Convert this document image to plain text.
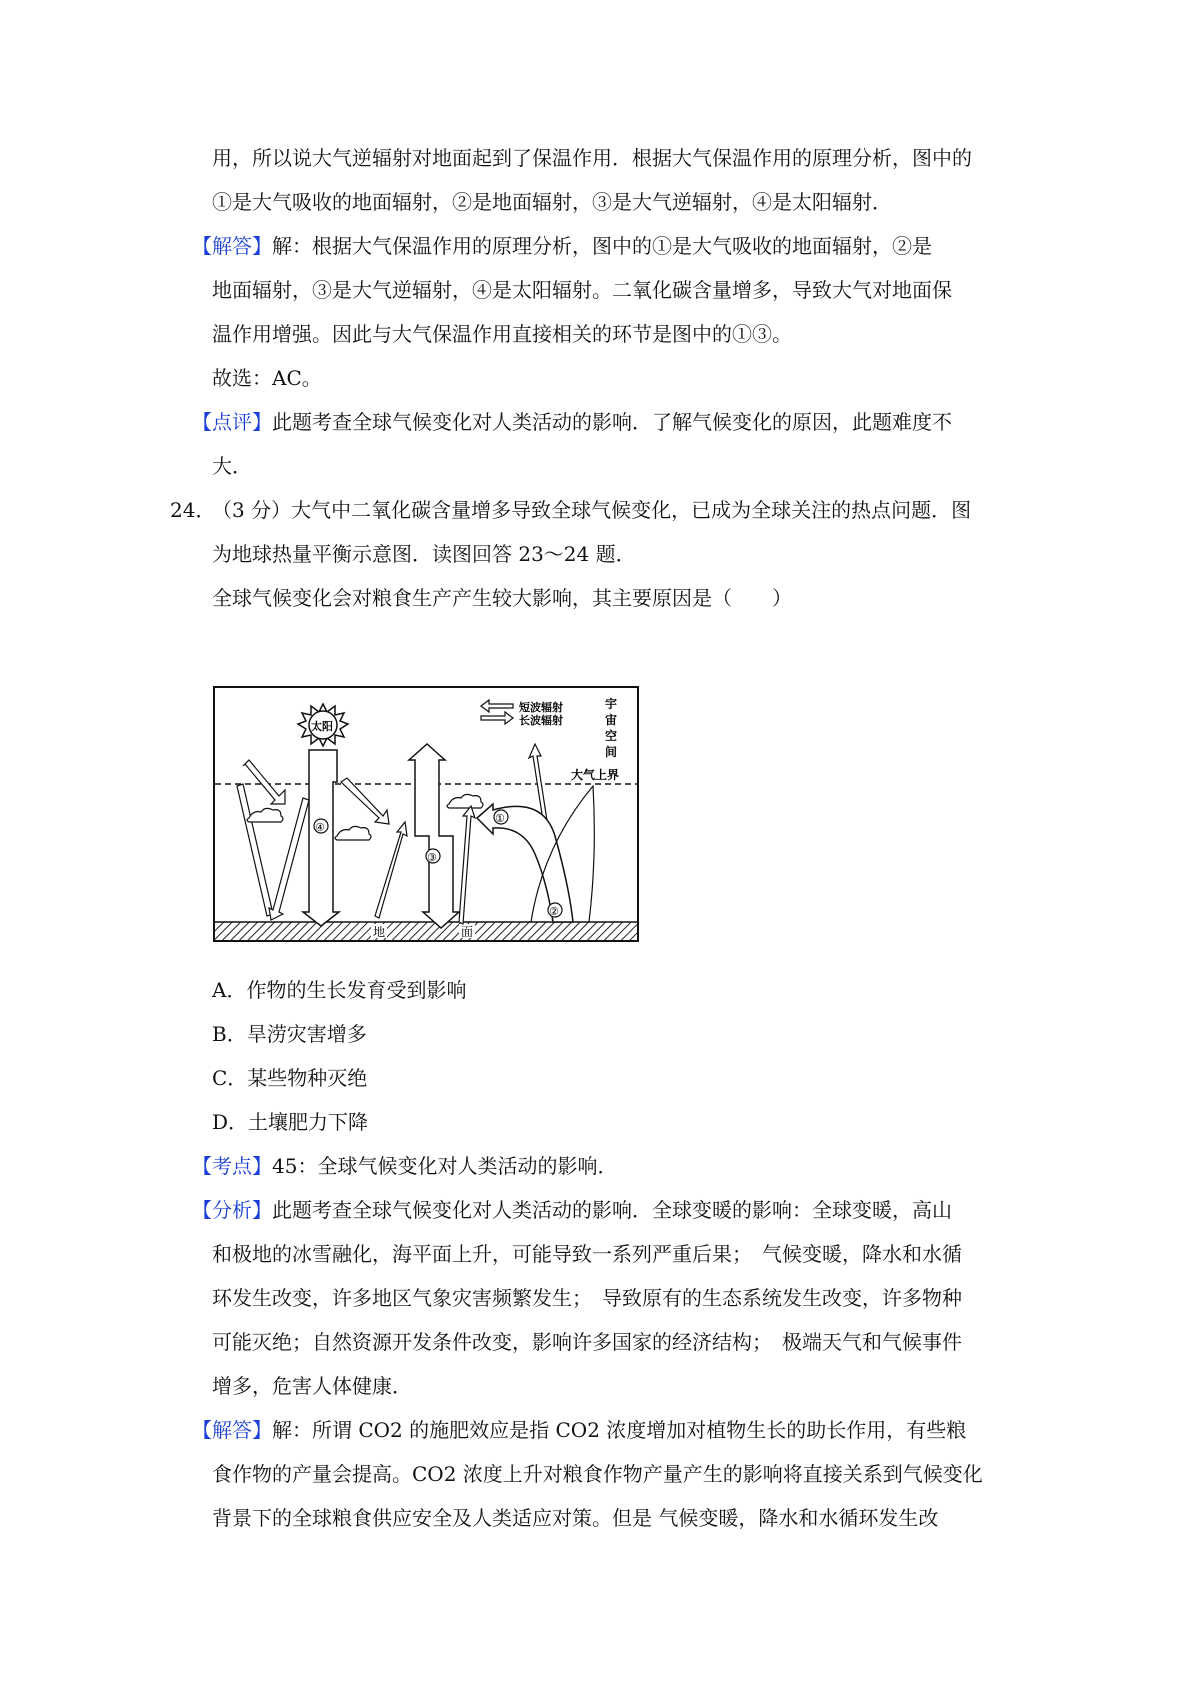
用，所以说大气逆辐射对地面起到了保温作用．根据大气保温作用的原理分析，图中的
①是大气吸收的地面辐射，②是地面辐射，③是大气逆辐射，④是太阳辐射．
【解答】解：根据大气保温作用的原理分析，图中的①是大气吸收的地面辐射，②是
地面辐射，③是大气逆辐射，④是太阳辐射。二氧化碳含量增多，导致大气对地面保
温作用增强。因此与大气保温作用直接相关的环节是图中的①③。
故选：AC。
【点评】此题考查全球气候变化对人类活动的影响．了解气候变化的原因，此题难度不
大．
24．
（3 分）大气中二氧化碳含量增多导致全球气候变化，已成为全球关注的热点问题．图
为地球热量平衡示意图．读图回答 23～24 题．
全球气候变化会对粮食生产产生较大影响，其主要原因是（　　）
地	面
大气上界
太阳
短波辐射
长波辐射
宇
宙
空
间
④
③
①
②
A．作物的生长发育受到影响
B．旱涝灾害增多
C．某些物种灭绝
D．土壤肥力下降
【考点】45：全球气候变化对人类活动的影响．
【分析】此题考查全球气候变化对人类活动的影响．全球变暖的影响：全球变暖，高山
和极地的冰雪融化，海平面上升，可能导致一系列严重后果；　气候变暖，降水和水循
环发生改变，许多地区气象灾害频繁发生；　导致原有的生态系统发生改变，许多物种
可能灭绝；自然资源开发条件改变，影响许多国家的经济结构；　极端天气和气候事件
增多，危害人体健康．
【解答】解：所谓 CO2 的施肥效应是指 CO2 浓度增加对植物生长的助长作用，有些粮
食作物的产量会提高。CO2 浓度上升对粮食作物产量产生的影响将直接关系到气候变化
背景下的全球粮食供应安全及人类适应对策。但是 气候变暖，降水和水循环发生改
